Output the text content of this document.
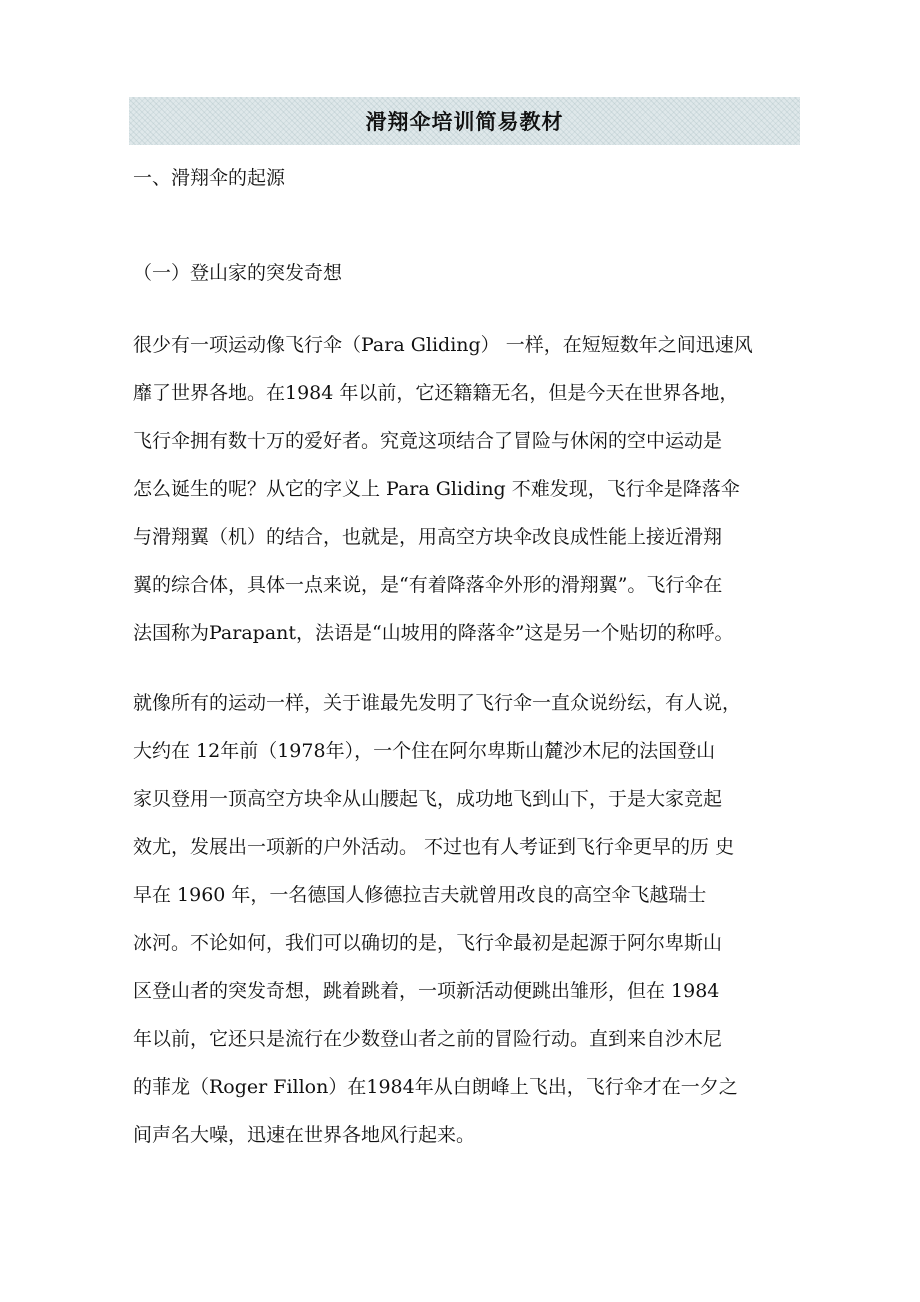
滑翔伞培训简易教材
一、滑翔伞的起源
（一）登山家的突发奇想
很少有一项运动像飞行伞（Para Gliding） 一样，在短短数年之间迅速风
靡了世界各地。在1984 年以前，它还籍籍无名，但是今天在世界各地，
飞行伞拥有数十万的爱好者。究竟这项结合了冒险与休闲的空中运动是
怎么诞生的呢？从它的字义上 Para Gliding 不难发现，飞行伞是降落伞
与滑翔翼（机）的结合，也就是，用高空方块伞改良成性能上接近滑翔
翼的综合体，具体一点来说，是“有着降落伞外形的滑翔翼”。飞行伞在
法国称为Parapant，法语是“山坡用的降落伞”这是另一个贴切的称呼。
就像所有的运动一样，关于谁最先发明了飞行伞一直众说纷纭，有人说，
大约在 12年前（1978年），一个住在阿尔卑斯山麓沙木尼的法国登山
家贝登用一顶高空方块伞从山腰起飞，成功地飞到山下，于是大家竞起
效尤，发展出一项新的户外活动。 不过也有人考证到飞行伞更早的历 史
早在 1960 年，一名德国人修德拉吉夫就曾用改良的高空伞飞越瑞士
冰河。不论如何，我们可以确切的是，飞行伞最初是起源于阿尔卑斯山
区登山者的突发奇想，跳着跳着，一项新活动便跳出雏形，但在 1984
年以前，它还只是流行在少数登山者之前的冒险行动。直到来自沙木尼
的菲龙（Roger Fillon）在1984年从白朗峰上飞出，飞行伞才在一夕之
间声名大噪，迅速在世界各地风行起来。
